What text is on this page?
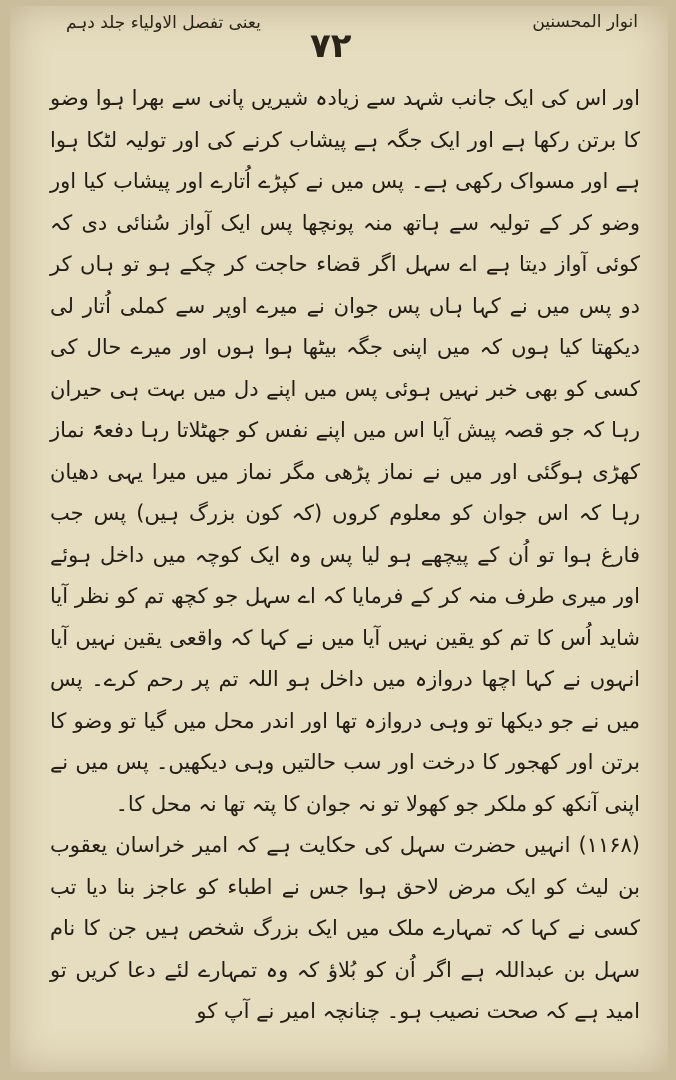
یعنی تفصل الاولیاء جلد دہم
۷۲
انوار المحسنین

اور اس کی ایک جانب شہد سے زیادہ شیریں پانی سے بھرا ہوا وضو کا برتن رکھا ہے اور ایک جگہ ہے پیشاب کرنے کی اور تولیہ لٹکا ہوا ہے اور مسواک رکھی ہے۔ پس میں نے کپڑے اُتارے اور پیشاب کیا اور وضو کر کے تولیہ سے ہاتھ منہ پونچھا پس ایک آواز سُنائی دی کہ کوئی آواز دیتا ہے اے سہل اگر قضاء حاجت کر چکے ہو تو ہاں کر دو پس میں نے کہا ہاں پس جوان نے میرے اوپر سے کملی اُتار لی دیکھتا کیا ہوں کہ میں اپنی جگہ بیٹھا ہوا ہوں اور میرے حال کی کسی کو بھی خبر نہیں ہوئی پس میں اپنے دل میں بہت ہی حیران رہا کہ جو قصہ پیش آیا اس میں اپنے نفس کو جھٹلاتا رہا دفعۃً نماز کھڑی ہوگئی اور میں نے نماز پڑھی مگر نماز میں میرا یہی دھیان رہا کہ اس جوان کو معلوم کروں (کہ کون بزرگ ہیں) پس جب فارغ ہوا تو اُن کے پیچھے ہو لیا پس وہ ایک کوچہ میں داخل ہوئے اور میری طرف منہ کر کے فرمایا کہ اے سہل جو کچھ تم کو نظر آیا شاید اُس کا تم کو یقین نہیں آیا میں نے کہا کہ واقعی یقین نہیں آیا انہوں نے کہا اچھا دروازہ میں داخل ہو اللہ تم پر رحم کرے۔ پس میں نے جو دیکھا تو وہی دروازہ تھا اور اندر محل میں گیا تو وضو کا برتن اور کھجور کا درخت اور سب حالتیں وہی دیکھیں۔ پس میں نے اپنی آنکھ کو ملکر جو کھولا تو نہ جوان کا پتہ تھا نہ محل کا۔

(۱۱۶۸) انہیں حضرت سہل کی حکایت ہے کہ امیر خراسان یعقوب بن لیث کو ایک مرض لاحق ہوا جس نے اطباء کو عاجز بنا دیا تب کسی نے کہا کہ تمہارے ملک میں ایک بزرگ شخص ہیں جن کا نام سہل بن عبداللہ ہے اگر اُن کو بُلاؤ کہ وہ تمہارے لئے دعا کریں تو امید ہے کہ صحت نصیب ہو۔ چنانچہ امیر نے آپ کو
